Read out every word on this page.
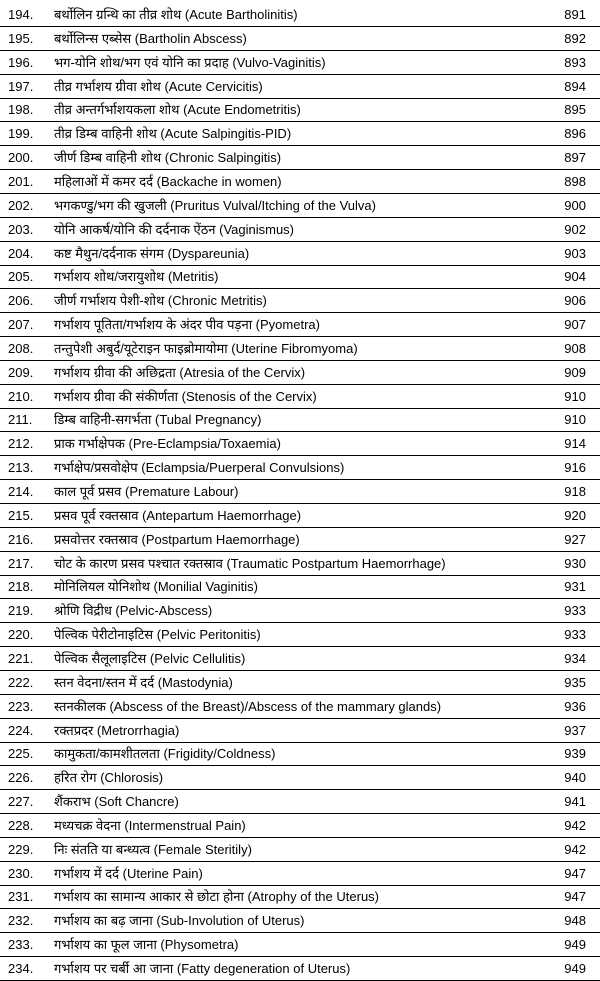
194.	बर्थोलिन ग्रन्थि का तीव्र शोथ (Acute Bartholinitis)	891
195.	बर्थोलिन्स एब्सेस (Bartholin Abscess)	892
196.	भग-योनि शोथ/भग एवं योनि का प्रदाह (Vulvo-Vaginitis)	893
197.	तीव्र गर्भाशय ग्रीवा शोथ (Acute Cervicitis)	894
198.	तीव्र अन्तर्गर्भाशयकला शोथ (Acute Endometritis)	895
199.	तीव्र डिम्ब वाहिनी शोथ (Acute Salpingitis-PID)	896
200.	जीर्ण डिम्ब वाहिनी शोथ (Chronic Salpingitis)	897
201.	महिलाओं में कमर दर्द (Backache in women)	898
202.	भगकण्डु/भग की खुजली (Pruritus Vulval/Itching of the Vulva)	900
203.	योनि आकर्ष/योनि की दर्दनाक ऐंठन (Vaginismus)	902
204.	कष्ट मैथुन/दर्दनाक संगम (Dyspareunia)	903
205.	गर्भाशय शोथ/जरायुशोथ (Metritis)	904
206.	जीर्ण गर्भाशय पेशी-शोथ (Chronic Metritis)	906
207.	गर्भाशय पूतिता/गर्भाशय के अंदर पीव पड़ना (Pyometra)	907
208.	तन्तुपेशी अबुर्द/यूटेराइन फाइब्रोमायोमा (Uterine Fibromyoma)	908
209.	गर्भाशय ग्रीवा की अछिद्रता (Atresia of the Cervix)	909
210.	गर्भाशय ग्रीवा की संकीर्णता (Stenosis of the Cervix)	910
211.	डिम्ब वाहिनी-सगर्भता (Tubal Pregnancy)	910
212.	प्राक गर्भाक्षेपक (Pre-Eclampsia/Toxaemia)	914
213.	गर्भाक्षेप/प्रसवोक्षेप (Eclampsia/Puerperal Convulsions)	916
214.	काल पूर्व प्रसव (Premature Labour)	918
215.	प्रसव पूर्व रक्तस्राव (Antepartum Haemorrhage)	920
216.	प्रसवोत्तर रक्तस्राव (Postpartum Haemorrhage)	927
217.	चोट के कारण प्रसव पश्चात रक्तस्राव (Traumatic Postpartum Haemorrhage)	930
218.	मोनिलियल योनिशोथ (Monilial Vaginitis)	931
219.	श्रोणि विद्रीध (Pelvic-Abscess)	933
220.	पेल्विक पेरीटोनाइटिस (Pelvic Peritonitis)	933
221.	पेल्विक सैलूलाइटिस (Pelvic Cellulitis)	934
222.	स्तन वेदना/स्तन में दर्द (Mastodynia)	935
223.	स्तनकीलक (Abscess of the Breast)/Abscess of the mammary glands)	936
224.	रक्तप्रदर (Metrorrhagia)	937
225.	कामुकता/कामशीतलता (Frigidity/Coldness)	939
226.	हरित रोग (Chlorosis)	940
227.	शैंकराभ (Soft Chancre)	941
228.	मध्यचक्र वेदना (Intermenstrual Pain)	942
229.	निः संतति या बन्ध्यत्व (Female Steritily)	942
230.	गर्भाशय में दर्द (Uterine Pain)	947
231.	गर्भाशय का सामान्य आकार से छोटा होना (Atrophy of the Uterus)	947
232.	गर्भाशय का बढ़ जाना (Sub-Involution of Uterus)	948
233.	गर्भाशय का फूल जाना (Physometra)	949
234.	गर्भाशय पर चर्बी आ जाना (Fatty degeneration of Uterus)	949
